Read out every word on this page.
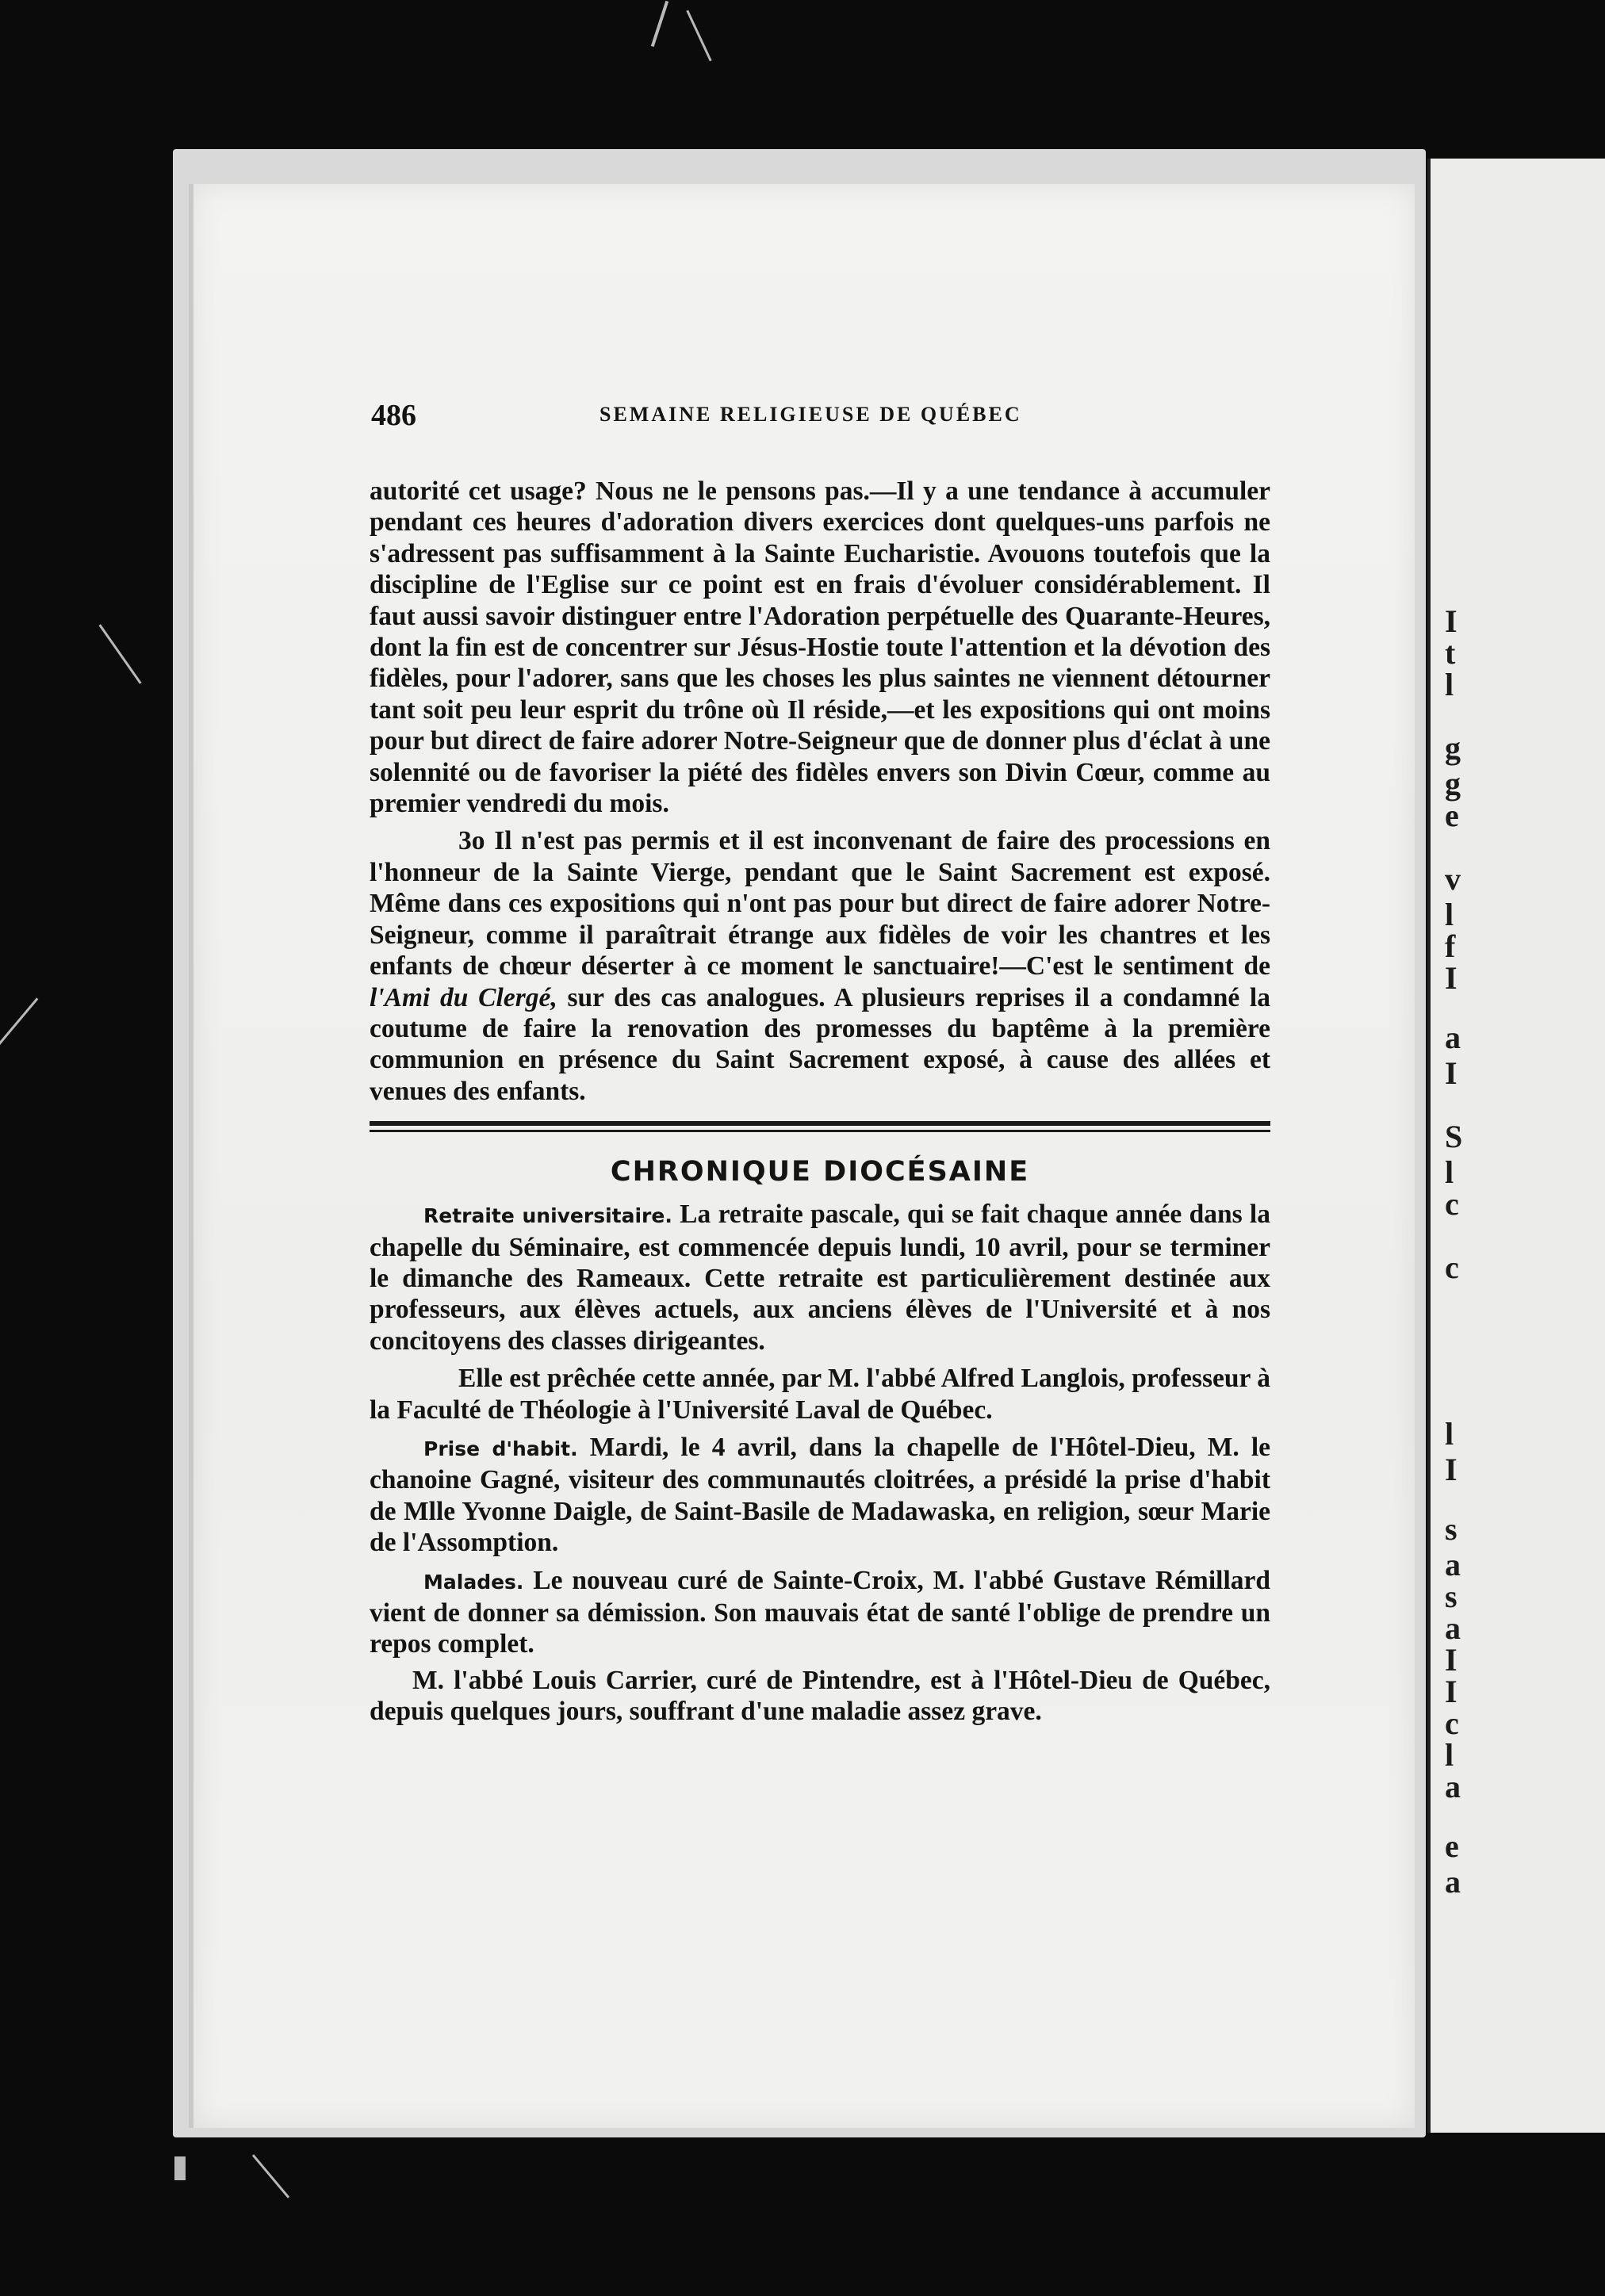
I
t
l
g
g
e
v
l
f
I
a
I
S
l
c
c
l
I
s
a
s
a
I
I
c
l
a
e
a
486	SEMAINE RELIGIEUSE DE QUÉBEC

autorité cet usage? Nous ne le pensons pas.—Il y a une tendance à accumuler pendant ces heures d'adoration divers exercices dont quelques-uns parfois ne s'adressent pas suffisamment à la Sainte Eucharistie. Avouons toutefois que la discipline de l'Eglise sur ce point est en frais d'évoluer considérablement. Il faut aussi savoir distinguer entre l'Adoration perpétuelle des Quarante-Heures, dont la fin est de concentrer sur Jésus-Hostie toute l'attention et la dévotion des fidèles, pour l'adorer, sans que les choses les plus saintes ne viennent détourner tant soit peu leur esprit du trône où Il réside,—et les expositions qui ont moins pour but direct de faire adorer Notre-Seigneur que de donner plus d'éclat à une solennité ou de favoriser la piété des fidèles envers son Divin Cœur, comme au premier vendredi du mois.

3o Il n'est pas permis et il est inconvenant de faire des processions en l'honneur de la Sainte Vierge, pendant que le Saint Sacrement est exposé. Même dans ces expositions qui n'ont pas pour but direct de faire adorer Notre-Seigneur, comme il paraîtrait étrange aux fidèles de voir les chantres et les enfants de chœur déserter à ce moment le sanctuaire!—C'est le sentiment de l'Ami du Clergé, sur des cas analogues. A plusieurs reprises il a condamné la coutume de faire la renovation des promesses du baptême à la première communion en présence du Saint Sacrement exposé, à cause des allées et venues des enfants.

CHRONIQUE DIOCÉSAINE

Retraite universitaire. La retraite pascale, qui se fait chaque année dans la chapelle du Séminaire, est commencée depuis lundi, 10 avril, pour se terminer le dimanche des Rameaux. Cette retraite est particulièrement destinée aux professeurs, aux élèves actuels, aux anciens élèves de l'Université et à nos concitoyens des classes dirigeantes.

Elle est prêchée cette année, par M. l'abbé Alfred Langlois, professeur à la Faculté de Théologie à l'Université Laval de Québec.

Prise d'habit. Mardi, le 4 avril, dans la chapelle de l'Hôtel-Dieu, M. le chanoine Gagné, visiteur des communautés cloitrées, a présidé la prise d'habit de Mlle Yvonne Daigle, de Saint-Basile de Madawaska, en religion, sœur Marie de l'Assomption.

Malades. Le nouveau curé de Sainte-Croix, M. l'abbé Gustave Rémillard vient de donner sa démission. Son mauvais état de santé l'oblige de prendre un repos complet.

M. l'abbé Louis Carrier, curé de Pintendre, est à l'Hôtel-Dieu de Québec, depuis quelques jours, souffrant d'une maladie assez grave.
